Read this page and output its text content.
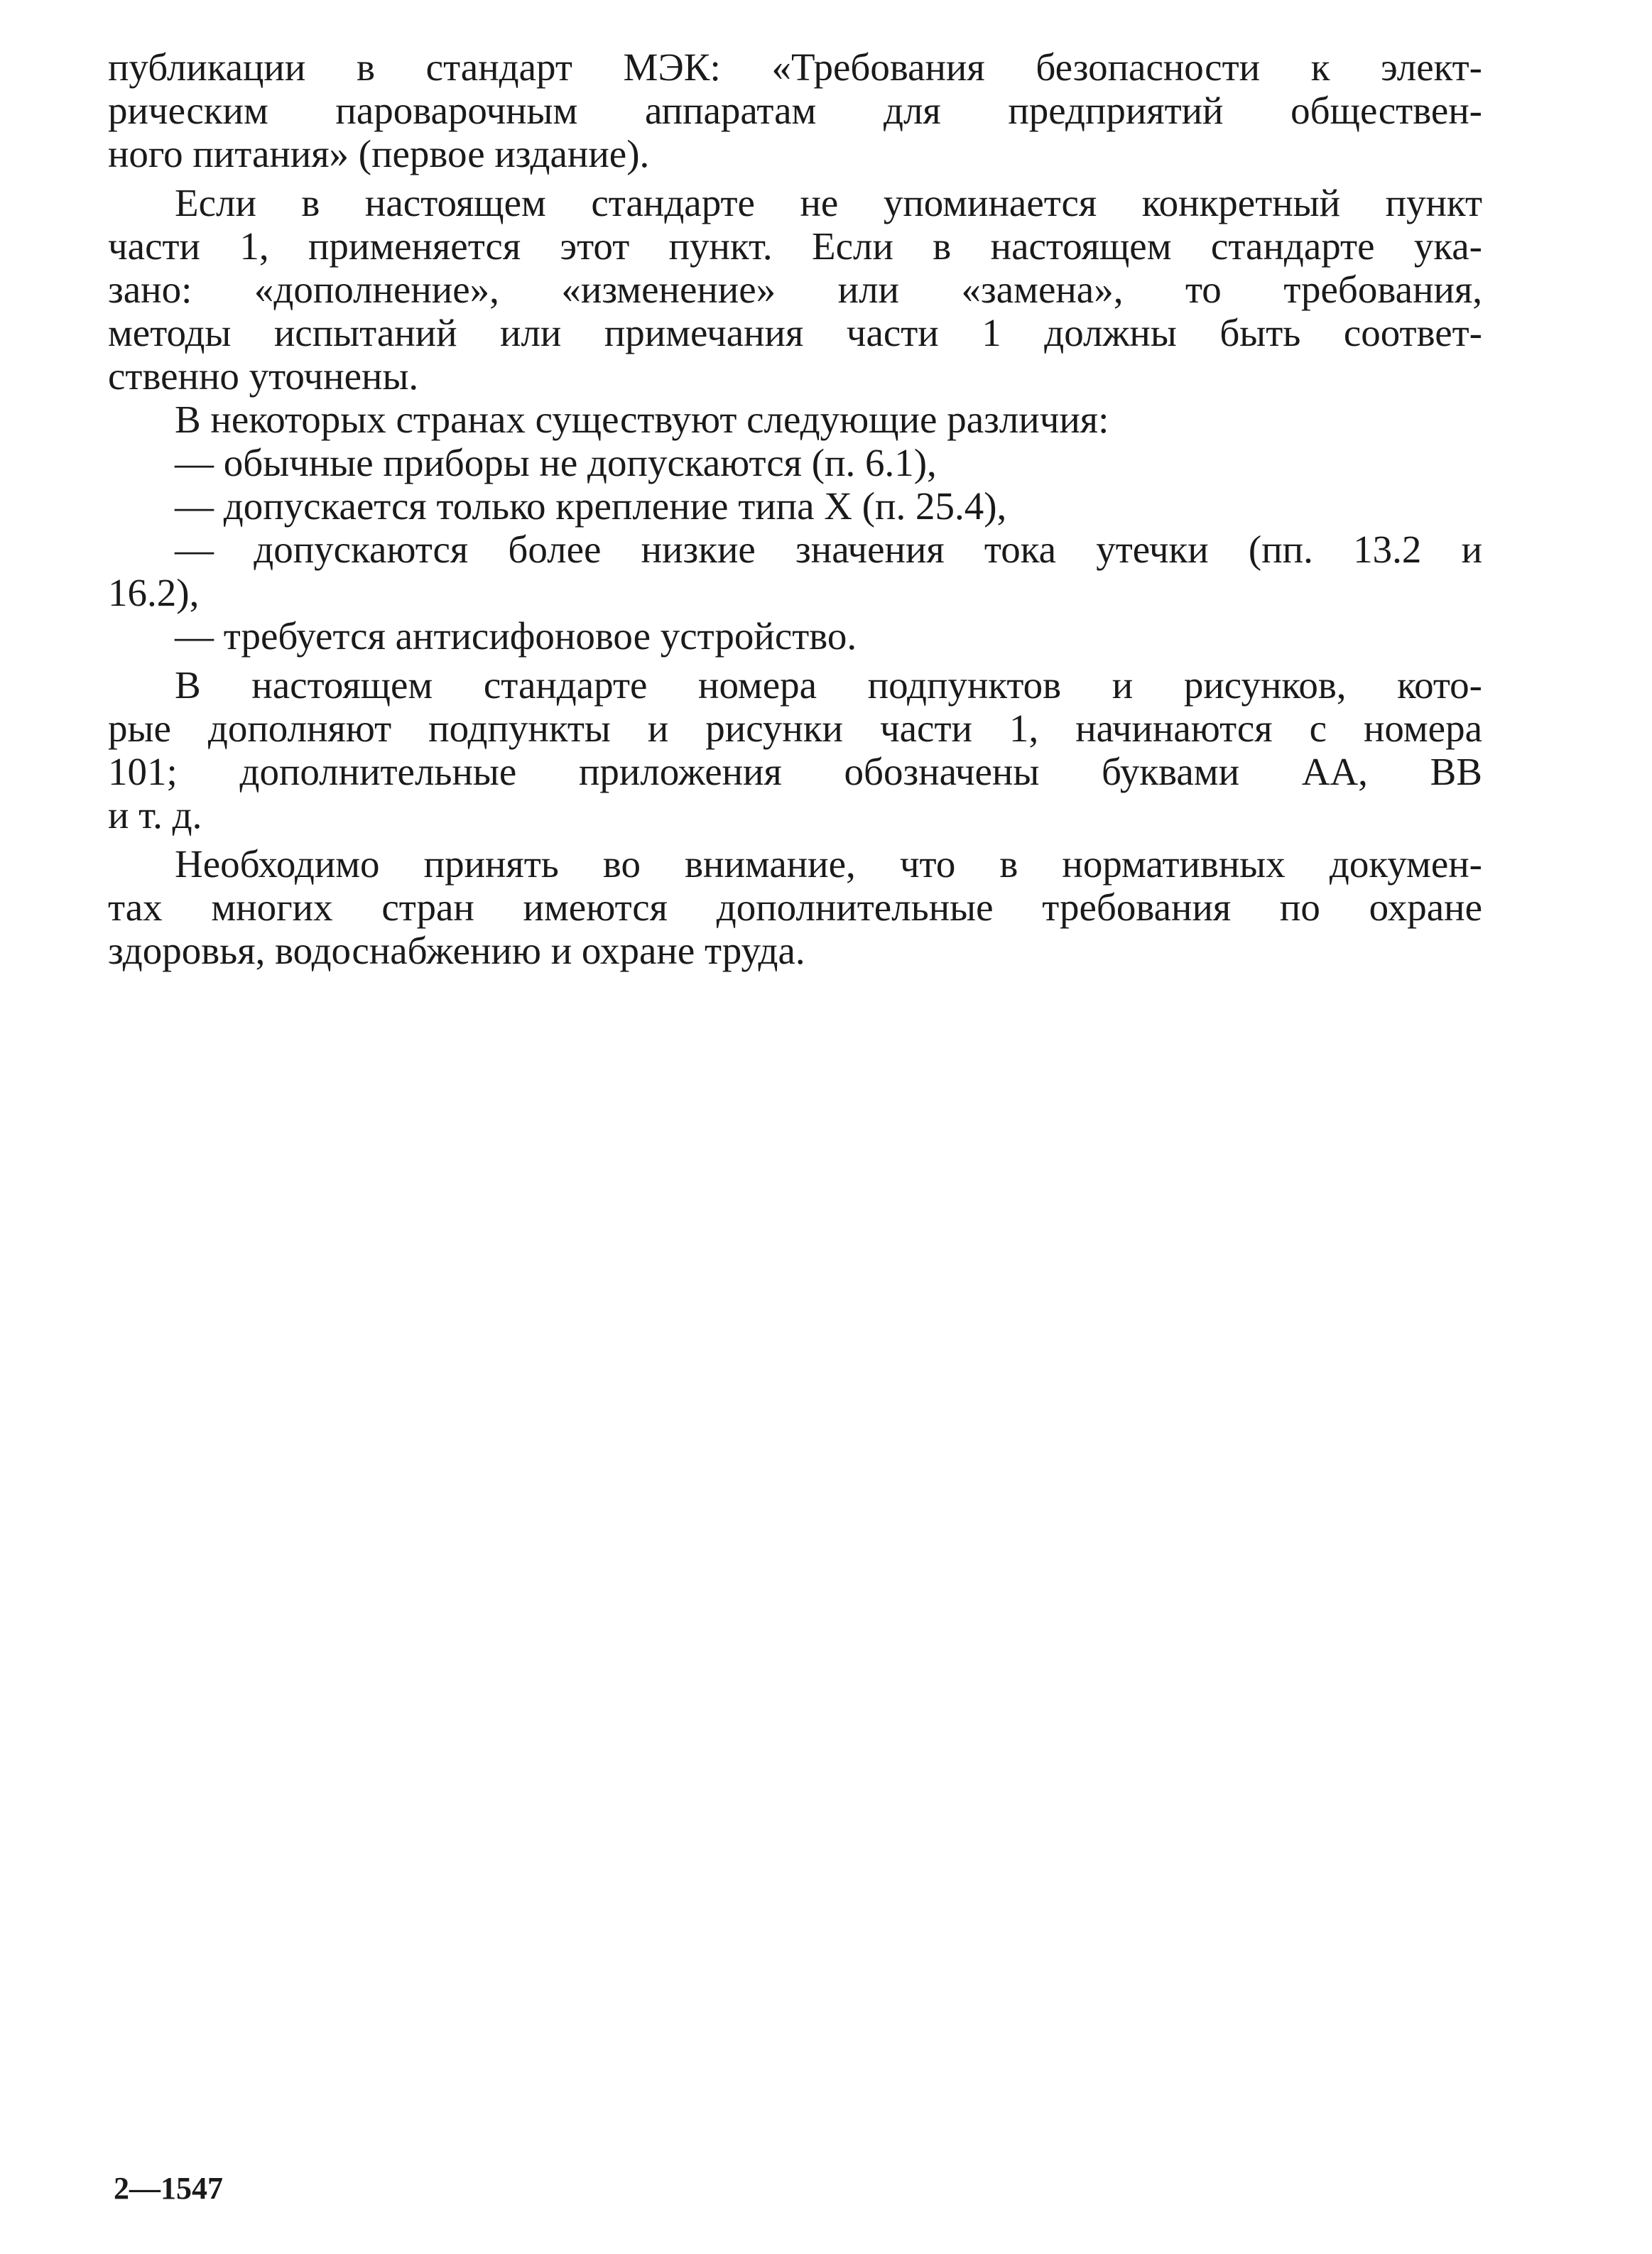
публикации в стандарт МЭК: «Требования безопасности к элект-
рическим пароварочным аппаратам для предприятий обществен-
ного питания» (первое издание).
Если в настоящем стандарте не упоминается конкретный пункт
части 1, применяется этот пункт. Если в настоящем стандарте ука-
зано: «дополнение», «изменение» или «замена», то требования,
методы испытаний или примечания части 1 должны быть соответ-
ственно уточнены.
В некоторых странах существуют следующие различия:
— обычные приборы не допускаются (п. 6.1),
— допускается только крепление типа X (п. 25.4),
— допускаются более низкие значения тока утечки (пп. 13.2 и
16.2),
— требуется антисифоновое устройство.
В настоящем стандарте номера подпунктов и рисунков, кото-
рые дополняют подпункты и рисунки части 1, начинаются с номера
101; дополнительные приложения обозначены буквами АА, ВВ
и т. д.
Необходимо принять во внимание, что в нормативных докумен-
тах многих стран имеются дополнительные требования по охране
здоровья, водоснабжению и охране труда.
2—1547
